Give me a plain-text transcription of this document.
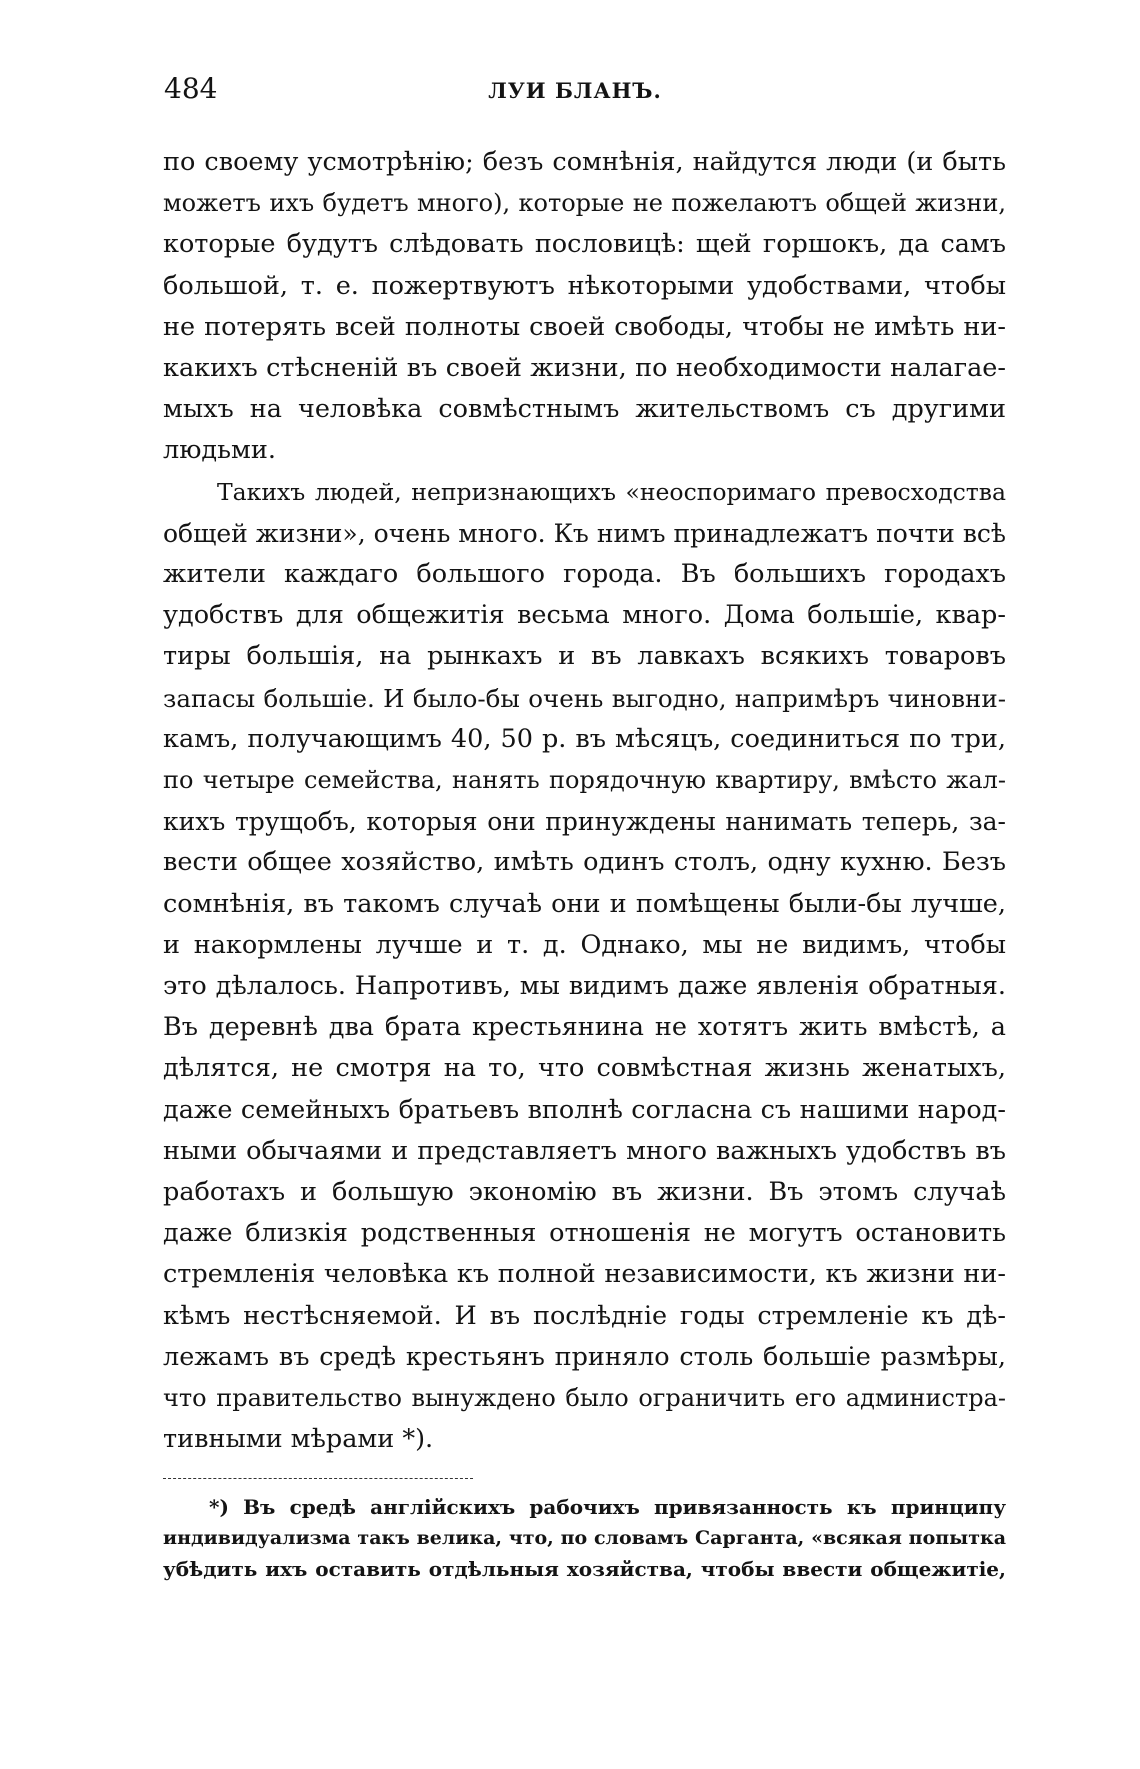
484	ЛУИ БЛАНЪ.

по своему усмотрѣнію; безъ сомнѣнія, найдутся люди (и быть
можетъ ихъ будетъ много), которые не пожелаютъ общей жизни,
которые будутъ слѣдовать пословицѣ: щей горшокъ, да самъ
большой, т. е. пожертвуютъ нѣкоторыми удобствами, чтобы
не потерять всей полноты своей свободы, чтобы не имѣть ни-
какихъ стѣсненій въ своей жизни, по необходимости налагае-
мыхъ на человѣка совмѣстнымъ жительствомъ съ другими
людьми.

Такихъ людей, непризнающихъ «неоспоримаго превосходства
общей жизни», очень много. Къ нимъ принадлежатъ почти всѣ
жители каждаго большого города. Въ большихъ городахъ
удобствъ для общежитія весьма много. Дома большіе, квар-
тиры большія, на рынкахъ и въ лавкахъ всякихъ товаровъ
запасы большіе. И было-бы очень выгодно, напримѣръ чиновни-
камъ, получающимъ 40, 50 р. въ мѣсяцъ, соединиться по три,
по четыре семейства, нанять порядочную квартиру, вмѣсто жал-
кихъ трущобъ, которыя они принуждены нанимать теперь, за-
вести общее хозяйство, имѣть одинъ столъ, одну кухню. Безъ
сомнѣнія, въ такомъ случаѣ они и помѣщены были-бы лучше,
и накормлены лучше и т. д. Однако, мы не видимъ, чтобы
это дѣлалось. Напротивъ, мы видимъ даже явленія обратныя.
Въ деревнѣ два брата крестьянина не хотятъ жить вмѣстѣ, а
дѣлятся, не смотря на то, что совмѣстная жизнь женатыхъ,
даже семейныхъ братьевъ вполнѣ согласна съ нашими народ-
ными обычаями и представляетъ много важныхъ удобствъ въ
работахъ и большую экономію въ жизни. Въ этомъ случаѣ
даже близкія родственныя отношенія не могутъ остановить
стремленія человѣка къ полной независимости, къ жизни ни-
кѣмъ нестѣсняемой. И въ послѣдніе годы стремленіе къ дѣ-
лежамъ въ средѣ крестьянъ приняло столь большіе размѣры,
что правительство вынуждено было ограничить его администра-
тивными мѣрами *).

*) Въ средѣ англійскихъ рабочихъ привязанность къ принципу
индивидуализма такъ велика, что, по словамъ Саргaнта, «всякая попытка
убѣдить ихъ оставить отдѣльныя хозяйства, чтобы ввести общежитіе,
